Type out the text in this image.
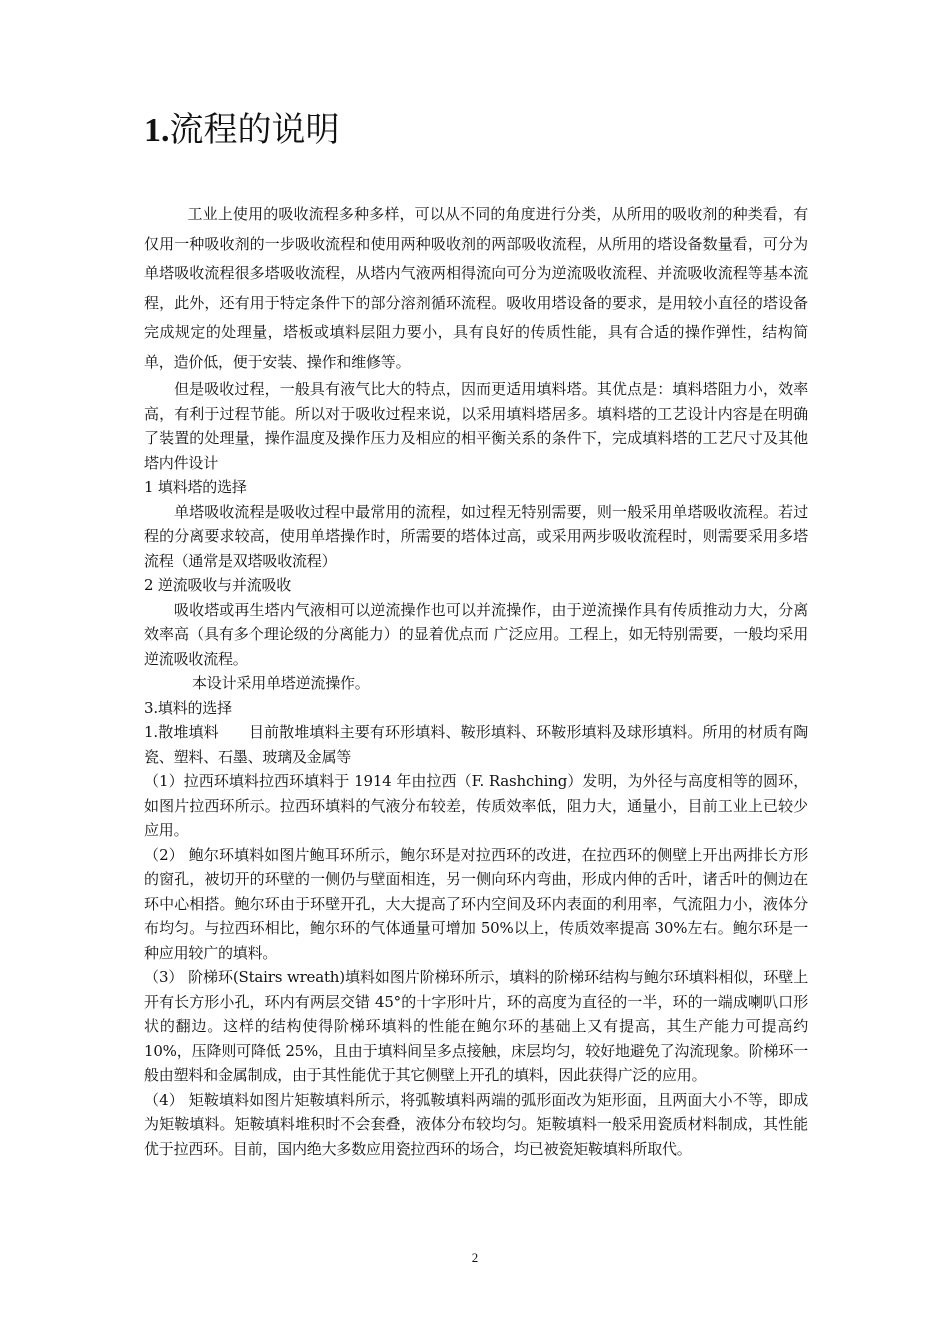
1.流程的说明

工业上使用的吸收流程多种多样，可以从不同的角度进行分类，从所用的吸收剂的种类看，有仅用一种吸收剂的一步吸收流程和使用两种吸收剂的两部吸收流程，从所用的塔设备数量看，可分为单塔吸收流程很多塔吸收流程，从塔内气液两相得流向可分为逆流吸收流程、并流吸收流程等基本流程，此外，还有用于特定条件下的部分溶剂循环流程。吸收用塔设备的要求，是用较小直径的塔设备完成规定的处理量，塔板或填料层阻力要小，具有良好的传质性能，具有合适的操作弹性，结构简单，造价低，便于安装、操作和维修等。

但是吸收过程，一般具有液气比大的特点，因而更适用填料塔。其优点是：填料塔阻力小，效率高，有利于过程节能。所以对于吸收过程来说，以采用填料塔居多。填料塔的工艺设计内容是在明确了装置的处理量，操作温度及操作压力及相应的相平衡关系的条件下，完成填料塔的工艺尺寸及其他塔内件设计

1 填料塔的选择

单塔吸收流程是吸收过程中最常用的流程，如过程无特别需要，则一般采用单塔吸收流程。若过程的分离要求较高，使用单塔操作时，所需要的塔体过高，或采用两步吸收流程时，则需要采用多塔流程（通常是双塔吸收流程）

2 逆流吸收与并流吸收

吸收塔或再生塔内气液相可以逆流操作也可以并流操作，由于逆流操作具有传质推动力大，分离效率高（具有多个理论级的分离能力）的显着优点而 广泛应用。工程上，如无特别需要，一般均采用逆流吸收流程。

本设计采用单塔逆流操作。

3.填料的选择

1.散堆填料　　目前散堆填料主要有环形填料、鞍形填料、环鞍形填料及球形填料。所用的材质有陶瓷、塑料、石墨、玻璃及金属等

（1）拉西环填料拉西环填料于 1914 年由拉西（F. Rashching）发明，为外径与高度相等的圆环，如图片拉西环所示。拉西环填料的气液分布较差，传质效率低，阻力大，通量小，目前工业上已较少应用。

（2） 鲍尔环填料如图片鲍耳环所示，鲍尔环是对拉西环的改进，在拉西环的侧壁上开出两排长方形的窗孔，被切开的环壁的一侧仍与壁面相连，另一侧向环内弯曲，形成内伸的舌叶，诸舌叶的侧边在环中心相搭。鲍尔环由于环壁开孔，大大提高了环内空间及环内表面的利用率，气流阻力小，液体分布均匀。与拉西环相比，鲍尔环的气体通量可增加 50%以上，传质效率提高 30%左右。鲍尔环是一种应用较广的填料。

（3） 阶梯环(Stairs wreath)填料如图片阶梯环所示，填料的阶梯环结构与鲍尔环填料相似，环壁上开有长方形小孔，环内有两层交错 45°的十字形叶片，环的高度为直径的一半，环的一端成喇叭口形状的翻边。这样的结构使得阶梯环填料的性能在鲍尔环的基础上又有提高，其生产能力可提高约 10%，压降则可降低 25%，且由于填料间呈多点接触，床层均匀，较好地避免了沟流现象。阶梯环一般由塑料和金属制成，由于其性能优于其它侧壁上开孔的填料，因此获得广泛的应用。

（4） 矩鞍填料如图片矩鞍填料所示，将弧鞍填料两端的弧形面改为矩形面，且两面大小不等，即成为矩鞍填料。矩鞍填料堆积时不会套叠，液体分布较均匀。矩鞍填料一般采用瓷质材料制成，其性能优于拉西环。目前，国内绝大多数应用瓷拉西环的场合，均已被瓷矩鞍填料所取代。

2
